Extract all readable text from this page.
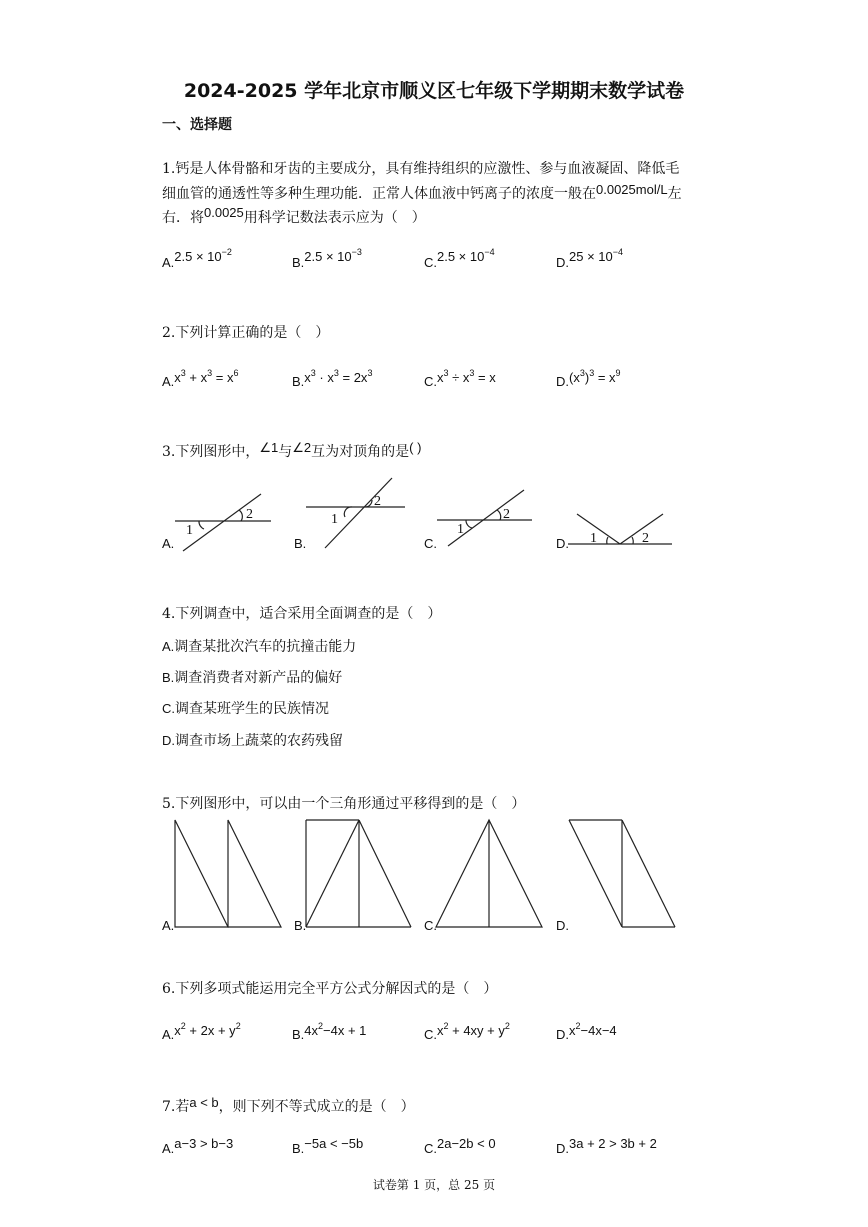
2024-2025 学年北京市顺义区七年级下学期期末数学试卷
一、选择题
1.钙是人体骨骼和牙齿的主要成分，具有维持组织的应激性、参与血液凝固、降低毛
细血管的通透性等多种生理功能．正常人体血液中钙离子的浓度一般在0.0025mol/L左
右．将0.0025用科学记数法表示应为（　）
$A.2.5 \times 10^{-2}$
$B.2.5 \times 10^{-3}$
$C.2.5 \times 10^{-4}$
$D.25 \times 10^{-4}$
2.下列计算正确的是（　）
$A.x^3 + x^3 = x^6$
$B.x^3 \cdot x^3 = 2x^3$
$C.x^3 \div x^3 = x$	$D.(x^3)^3 = x^9$
3.下列图形中，∠1与∠2互为对顶角的是( )
A.	B.	C.	D.
1
2	1
2
1
2
1	2
4.下列调查中，适合采用全面调查的是（　）
A.调查某批次汽车的抗撞击能力
B.调查消费者对新产品的偏好
C.调查某班学生的民族情况
D.调查市场上蔬菜的农药残留
5.下列图形中，可以由一个三角形通过平移得到的是（　）
A.	B.	C.	D.
6.下列多项式能运用完全平方公式分解因式的是（　）
$A.x^2 + 2x + y^2$
$B.4x^2-4x + 1$	$C.x^2 + 4xy + y^2$
$D.x^2-4x-4$
7.若a < b，则下列不等式成立的是（　）
A.a−3 > b−3	B.−5a < −5b	C.2a−2b < 0	D.3a + 2 > 3b + 2
试卷第 1 页，总 25 页
